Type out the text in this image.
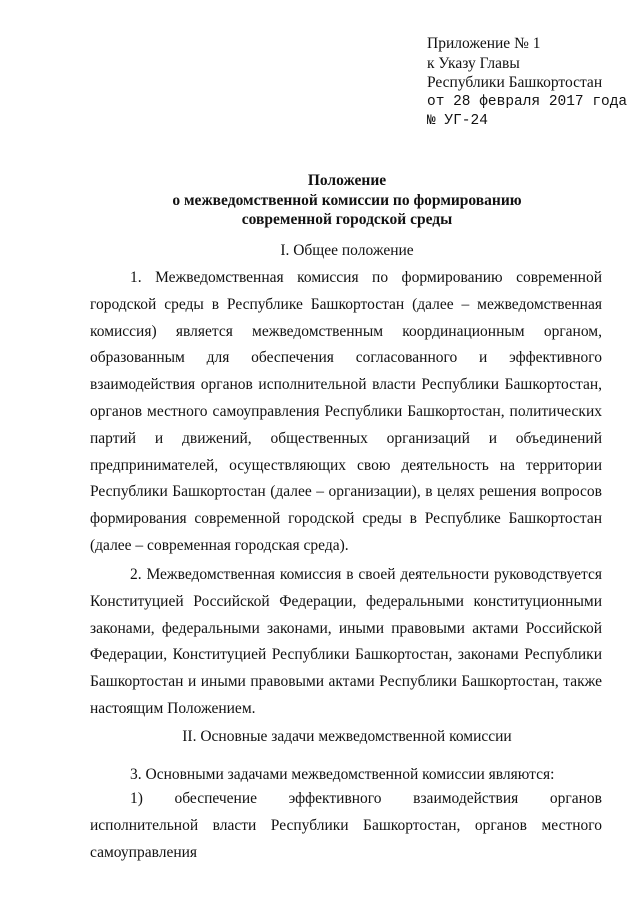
Приложение № 1
к Указу Главы
Республики Башкортостан
от 28 февраля 2017 года
№ УГ-24
Положение
о межведомственной комиссии по формированию
современной городской среды
I. Общее положение
1. Межведомственная комиссия по формированию современной городской среды в Республике Башкортостан (далее – межведомственная комиссия) является межведомственным координационным органом, образованным для обеспечения согласованного и эффективного взаимодействия органов исполнительной власти Республики Башкортостан, органов местного самоуправления Республики Башкортостан, политических партий и движений, общественных организаций и объединений предпринимателей, осуществляющих свою деятельность на территории Республики Башкортостан (далее – организации), в целях решения вопросов формирования современной городской среды в Республике Башкортостан (далее – современная городская среда).
2. Межведомственная комиссия в своей деятельности руководствуется Конституцией Российской Федерации, федеральными конституционными законами, федеральными законами, иными правовыми актами Российской Федерации, Конституцией Республики Башкортостан, законами Республики Башкортостан и иными правовыми актами Республики Башкортостан, также настоящим Положением.
II. Основные задачи межведомственной комиссии
3. Основными задачами межведомственной комиссии являются:
1) обеспечение эффективного взаимодействия органов исполнительной власти Республики Башкортостан, органов местного самоуправления
